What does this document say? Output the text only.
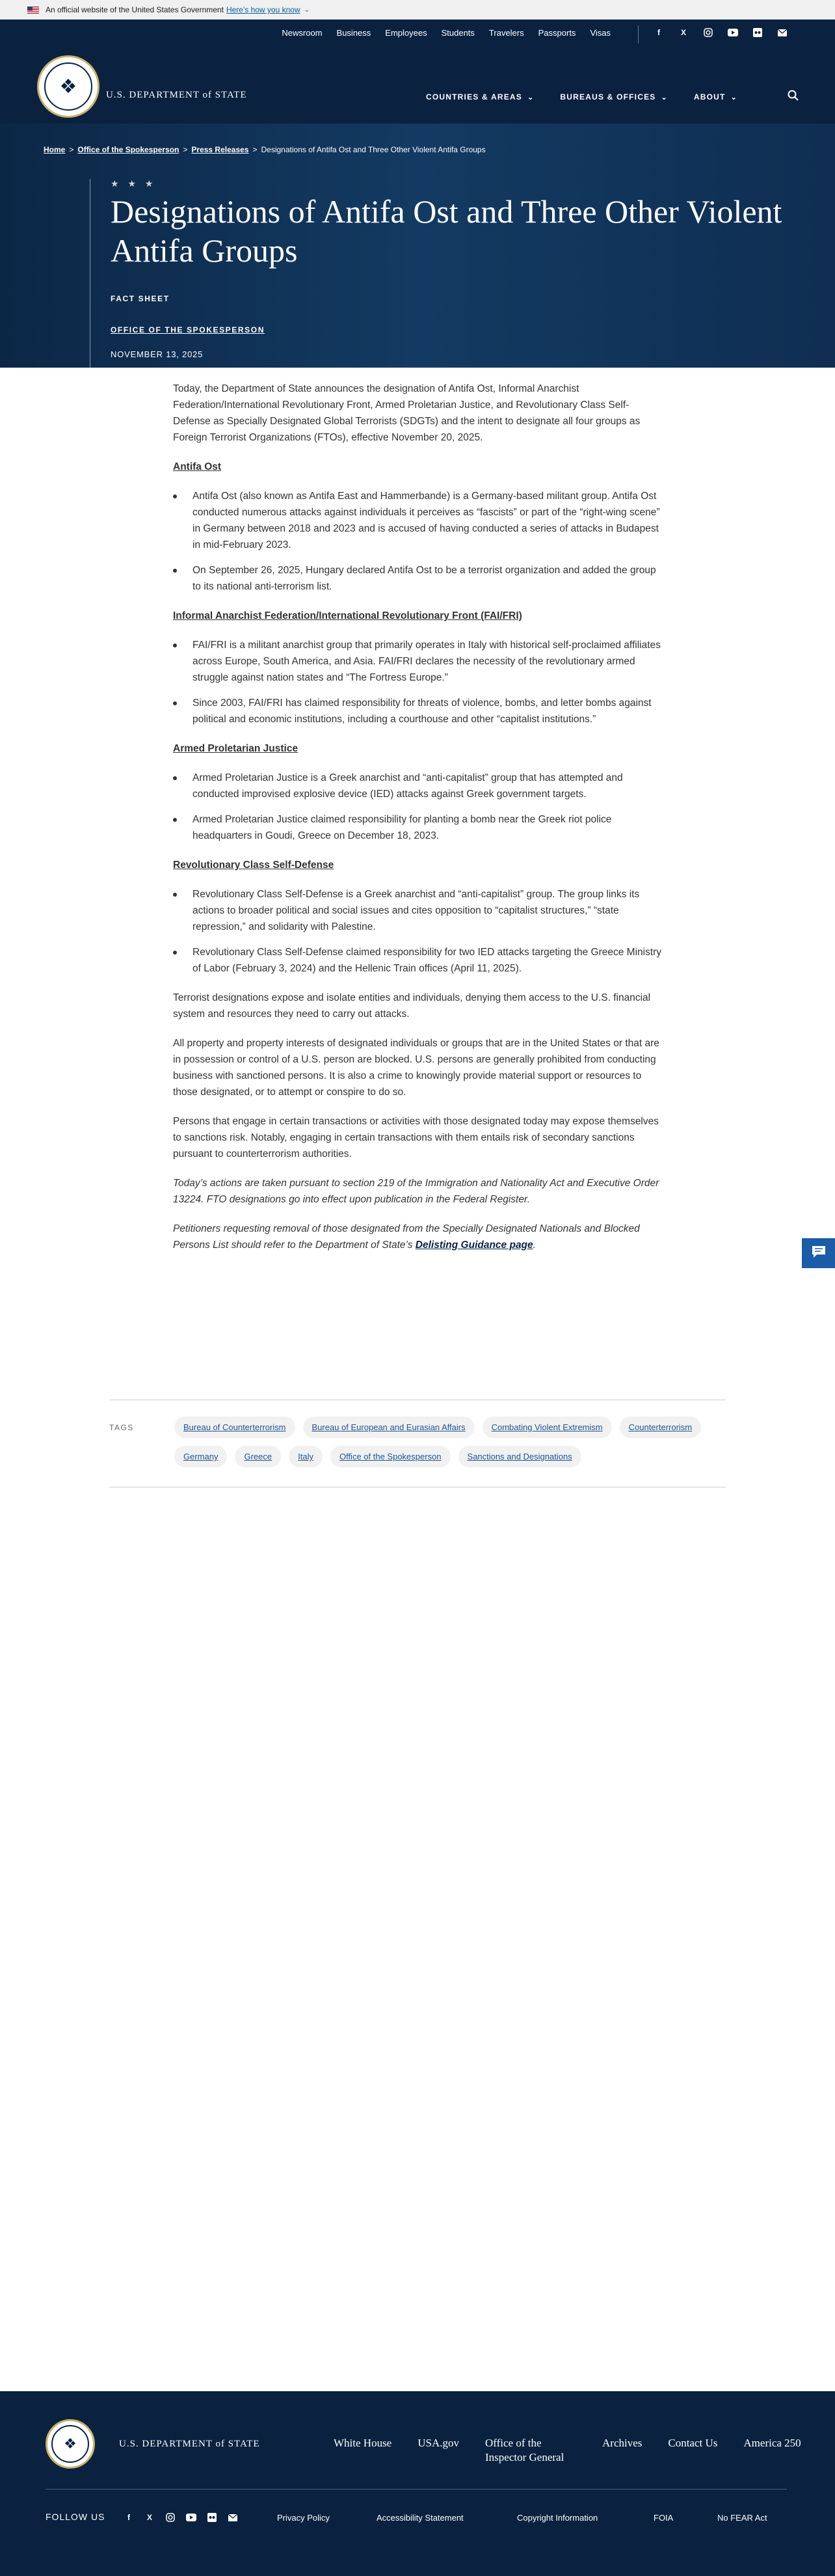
An official website of the United States Government Here's how you know ⌄
Newsroom Business Employees Students Travelers Passports Visas	f	X
❖	U.S. DEPARTMENT of STATE	COUNTRIES & AREAS ⌄	BUREAUS & OFFICES ⌄	ABOUT ⌄
Home > Office of the Spokesperson > Press Releases > Designations of Antifa Ost and Three Other Violent Antifa Groups
★ ★ ★
Designations of Antifa Ost and Three Other Violent Antifa Groups
FACT SHEET
OFFICE OF THE SPOKESPERSON
NOVEMBER 13, 2025

Today, the Department of State announces the designation of Antifa Ost, Informal Anarchist Federation/International Revolutionary Front, Armed Proletarian Justice, and Revolutionary Class Self-Defense as Specially Designated Global Terrorists (SDGTs) and the intent to designate all four groups as Foreign Terrorist Organizations (FTOs), effective November 20, 2025.

Antifa Ost
Antifa Ost (also known as Antifa East and Hammerbande) is a Germany-based militant group. Antifa Ost conducted numerous attacks against individuals it perceives as “fascists” or part of the “right-wing scene” in Germany between 2018 and 2023 and is accused of having conducted a series of attacks in Budapest in mid-February 2023.
On September 26, 2025, Hungary declared Antifa Ost to be a terrorist organization and added the group to its national anti-terrorism list.
Informal Anarchist Federation/International Revolutionary Front (FAI/FRI)
FAI/FRI is a militant anarchist group that primarily operates in Italy with historical self-proclaimed affiliates across Europe, South America, and Asia. FAI/FRI declares the necessity of the revolutionary armed struggle against nation states and “The Fortress Europe.”
Since 2003, FAI/FRI has claimed responsibility for threats of violence, bombs, and letter bombs against political and economic institutions, including a courthouse and other “capitalist institutions.”
Armed Proletarian Justice
Armed Proletarian Justice is a Greek anarchist and “anti-capitalist” group that has attempted and conducted improvised explosive device (IED) attacks against Greek government targets.
Armed Proletarian Justice claimed responsibility for planting a bomb near the Greek riot police headquarters in Goudi, Greece on December 18, 2023.
Revolutionary Class Self-Defense
Revolutionary Class Self-Defense is a Greek anarchist and “anti-capitalist” group. The group links its actions to broader political and social issues and cites opposition to “capitalist structures,” “state repression,” and solidarity with Palestine.
Revolutionary Class Self-Defense claimed responsibility for two IED attacks targeting the Greece Ministry of Labor (February 3, 2024) and the Hellenic Train offices (April 11, 2025).

Terrorist designations expose and isolate entities and individuals, denying them access to the U.S. financial system and resources they need to carry out attacks.

All property and property interests of designated individuals or groups that are in the United States or that are in possession or control of a U.S. person are blocked. U.S. persons are generally prohibited from conducting business with sanctioned persons. It is also a crime to knowingly provide material support or resources to those designated, or to attempt or conspire to do so.

Persons that engage in certain transactions or activities with those designated today may expose themselves to sanctions risk. Notably, engaging in certain transactions with them entails risk of secondary sanctions pursuant to counterterrorism authorities.

Today’s actions are taken pursuant to section 219 of the Immigration and Nationality Act and Executive Order 13224. FTO designations go into effect upon publication in the Federal Register.

Petitioners requesting removal of those designated from the Specially Designated Nationals and Blocked Persons List should refer to the Department of State’s Delisting Guidance page.

TAGS	Bureau of Counterterrorism	Bureau of European and Eurasian Affairs	Combating Violent Extremism	Counterterrorism
Germany	Greece	Italy	Office of the Spokesperson	Sanctions and Designations
❖	U.S. DEPARTMENT of STATE	White House USA.gov Office of the Inspector General
Archives Contact Us America 250
FOLLOW US	f	X	Privacy Policy	Accessibility Statement	Copyright Information	FOIA	No FEAR Act
